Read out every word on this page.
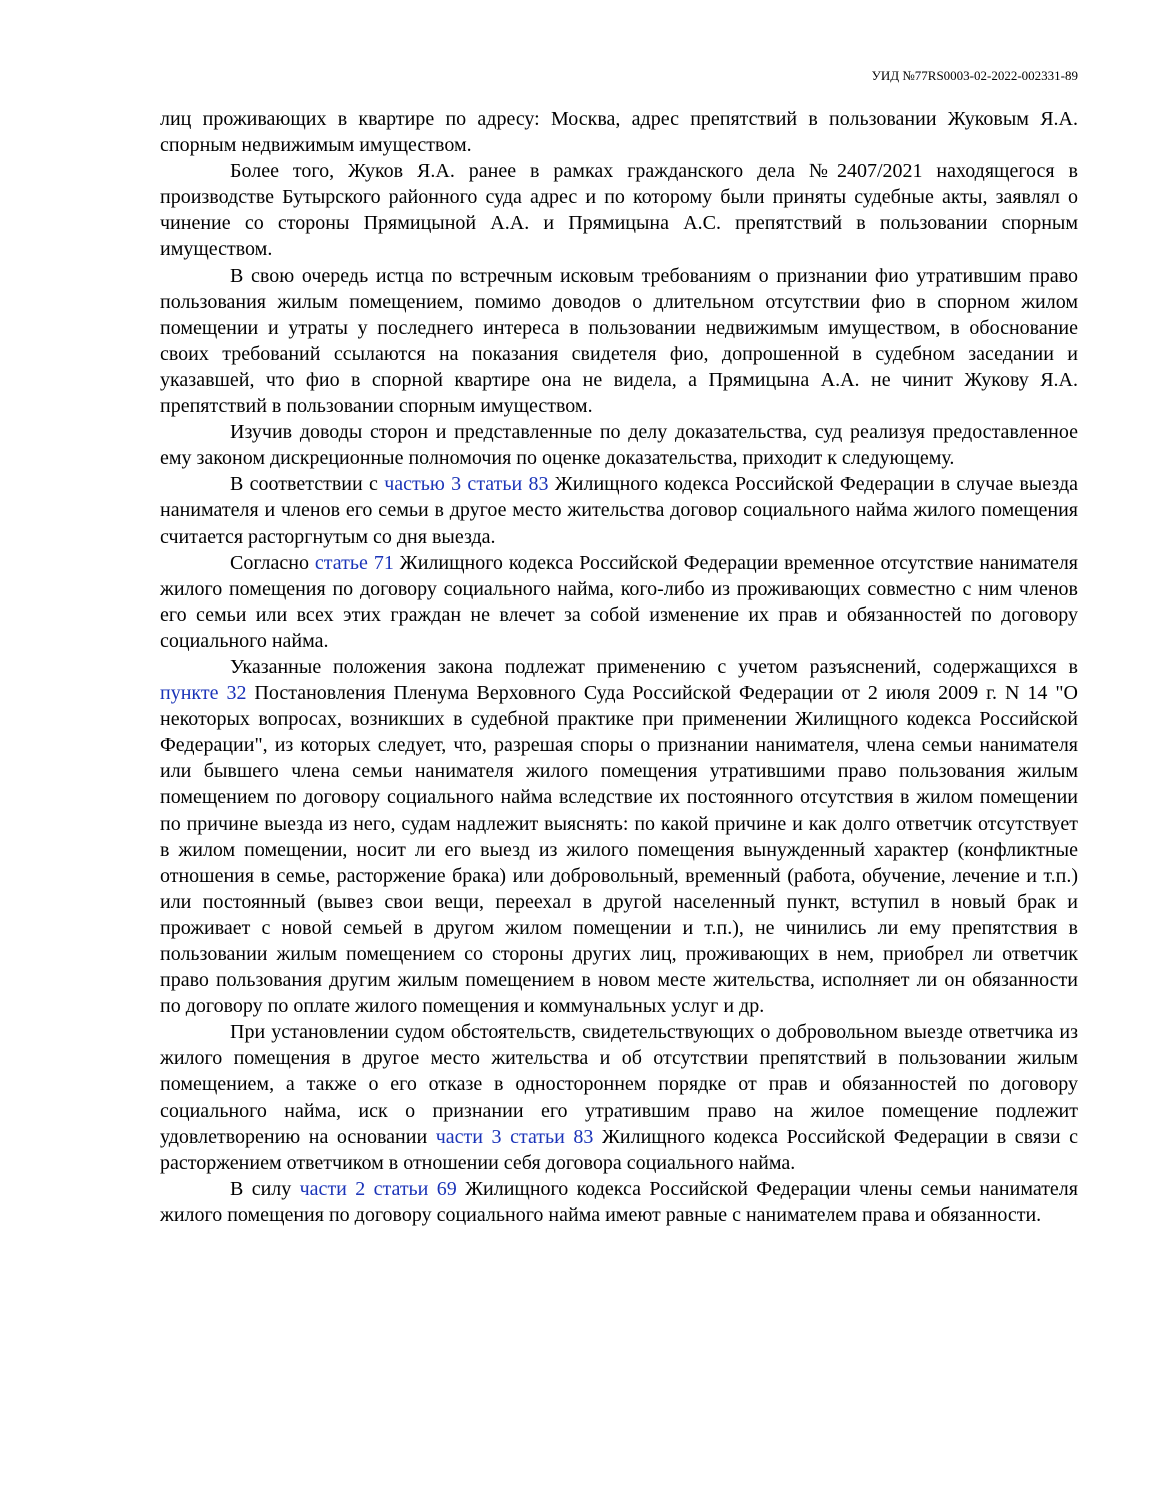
УИД №77RS0003-02-2022-002331-89

лиц проживающих в квартире по адресу: Москва, адрес препятствий в пользовании Жуковым Я.А. спорным недвижимым имуществом.

Более того, Жуков Я.А. ранее в рамках гражданского дела №2407/2021 находящегося в производстве Бутырского районного суда адрес и по которому были приняты судебные акты, заявлял о чинение со стороны Прямицыной А.А. и Прямицына А.С. препятствий в пользовании спорным имуществом.

В свою очередь истца по встречным исковым требованиям о признании фио утратившим право пользования жилым помещением, помимо доводов о длительном отсутствии фио в спорном жилом помещении и утраты у последнего интереса в пользовании недвижимым имуществом, в обоснование своих требований ссылаются на показания свидетеля фио, допрошенной в судебном заседании и указавшей, что фио в спорной квартире она не видела, а Прямицына А.А. не чинит Жукову Я.А. препятствий в пользовании спорным имуществом.

Изучив доводы сторон и представленные по делу доказательства, суд реализуя предоставленное ему законом дискреционные полномочия по оценке доказательства, приходит к следующему.

В соответствии с частью 3 статьи 83 Жилищного кодекса Российской Федерации в случае выезда нанимателя и членов его семьи в другое место жительства договор социального найма жилого помещения считается расторгнутым со дня выезда.

Согласно статье 71 Жилищного кодекса Российской Федерации временное отсутствие нанимателя жилого помещения по договору социального найма, кого-либо из проживающих совместно с ним членов его семьи или всех этих граждан не влечет за собой изменение их прав и обязанностей по договору социального найма.

Указанные положения закона подлежат применению с учетом разъяснений, содержащихся в пункте 32 Постановления Пленума Верховного Суда Российской Федерации от 2 июля 2009 г. N 14 "О некоторых вопросах, возникших в судебной практике при применении Жилищного кодекса Российской Федерации", из которых следует, что, разрешая споры о признании нанимателя, члена семьи нанимателя или бывшего члена семьи нанимателя жилого помещения утратившими право пользования жилым помещением по договору социального найма вследствие их постоянного отсутствия в жилом помещении по причине выезда из него, судам надлежит выяснять: по какой причине и как долго ответчик отсутствует в жилом помещении, носит ли его выезд из жилого помещения вынужденный характер (конфликтные отношения в семье, расторжение брака) или добровольный, временный (работа, обучение, лечение и т.п.) или постоянный (вывез свои вещи, переехал в другой населенный пункт, вступил в новый брак и проживает с новой семьей в другом жилом помещении и т.п.), не чинились ли ему препятствия в пользовании жилым помещением со стороны других лиц, проживающих в нем, приобрел ли ответчик право пользования другим жилым помещением в новом месте жительства, исполняет ли он обязанности по договору по оплате жилого помещения и коммунальных услуг и др.

При установлении судом обстоятельств, свидетельствующих о добровольном выезде ответчика из жилого помещения в другое место жительства и об отсутствии препятствий в пользовании жилым помещением, а также о его отказе в одностороннем порядке от прав и обязанностей по договору социального найма, иск о признании его утратившим право на жилое помещение подлежит удовлетворению на основании части 3 статьи 83 Жилищного кодекса Российской Федерации в связи с расторжением ответчиком в отношении себя договора социального найма.

В силу части 2 статьи 69 Жилищного кодекса Российской Федерации члены семьи нанимателя жилого помещения по договору социального найма имеют равные с нанимателем права и обязанности.
